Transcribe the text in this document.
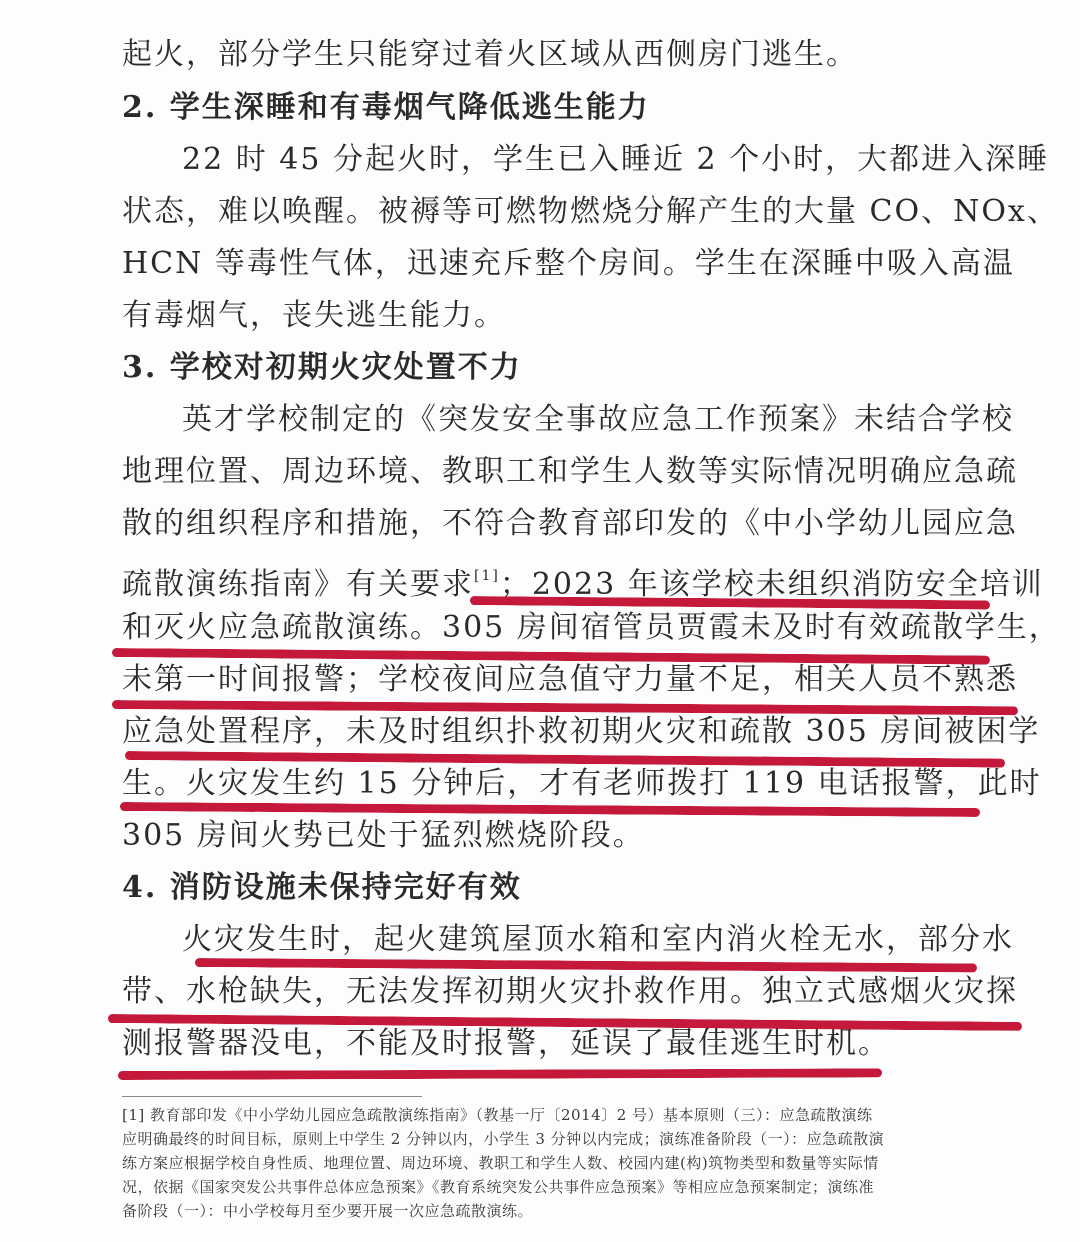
起火，部分学生只能穿过着火区域从西侧房门逃生。
2. 学生深睡和有毒烟气降低逃生能力
22 时 45 分起火时，学生已入睡近 2 个小时，大都进入深睡
状态，难以唤醒。被褥等可燃物燃烧分解产生的大量 CO、NOx、
HCN 等毒性气体，迅速充斥整个房间。学生在深睡中吸入高温
有毒烟气，丧失逃生能力。
3. 学校对初期火灾处置不力
英才学校制定的《突发安全事故应急工作预案》未结合学校
地理位置、周边环境、教职工和学生人数等实际情况明确应急疏
散的组织程序和措施，不符合教育部印发的《中小学幼儿园应急
疏散演练指南》有关要求[1]；2023 年该学校未组织消防安全培训
和灭火应急疏散演练。305 房间宿管员贾霞未及时有效疏散学生，
未第一时间报警；学校夜间应急值守力量不足，相关人员不熟悉
应急处置程序，未及时组织扑救初期火灾和疏散 305 房间被困学
生。火灾发生约 15 分钟后，才有老师拨打 119 电话报警，此时
305 房间火势已处于猛烈燃烧阶段。
4. 消防设施未保持完好有效
火灾发生时，起火建筑屋顶水箱和室内消火栓无水，部分水
带、水枪缺失，无法发挥初期火灾扑救作用。独立式感烟火灾探
测报警器没电，不能及时报警，延误了最佳逃生时机。
[1] 教育部印发《中小学幼儿园应急疏散演练指南》（教基一厅〔2014〕2 号）基本原则（三）：应急疏散演练
应明确最终的时间目标，原则上中学生 2 分钟以内，小学生 3 分钟以内完成；演练准备阶段（一）：应急疏散演
练方案应根据学校自身性质、地理位置、周边环境、教职工和学生人数、校园内建(构)筑物类型和数量等实际情
况，依据《国家突发公共事件总体应急预案》《教育系统突发公共事件应急预案》等相应应急预案制定；演练准
备阶段（一）：中小学校每月至少要开展一次应急疏散演练。
